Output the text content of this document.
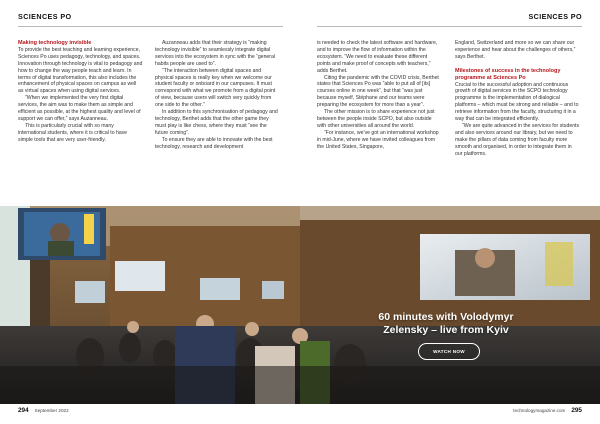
SCIENCES PO

Making technology invisible

To provide the best teaching and learning experience, Sciences Po uses pedagogy, technology, and spaces. Innovation through technology is vital to pedagogy and how to change the way people teach and learn. In terms of digital transformation, this also includes the enhancement of physical spaces on campus as well as virtual spaces when using digital services.

“When we implemented the very first digital services, the aim was to make them as simple and efficient as possible, at the highest quality and level of support we can offer,” says Auzanneau.

This is particularly crucial with so many international students, where it is critical to have simple tools that are very user-friendly.

Auzanneau adds that their strategy is “making technology invisible” to seamlessly integrate digital services into the ecosystem in sync with the “general habits people are used to”.

“The interaction between digital spaces and physical spaces is really key when we welcome our student faculty or onboard in our campuses. It must correspond with what we promote from a digital point of view, because users will switch very quickly from one side to the other.”

In addition to this synchronisation of pedagogy and technology, Berthet adds that the other game they must play is like chess, where they must “see the future coming”.

To ensure they are able to innovate with the best technology, research and development

294 September 2022
SCIENCES PO

is needed to check the latest software and hardware, and to improve the flow of information within the ecosystem. “We need to evaluate these different points and make proof of concepts with teachers,” adds Berthet.

Citing the pandemic with the COVID crisis, Berthet states that Sciences Po was “able to put all of [its] courses online in one week”, but that “was just because myself, Stéphane and our teams were preparing the ecosystem for more than a year”.

The other mission is to share experience not just between the people inside SCPO, but also outside with other universities all around the world.

“For instance, we’ve got an international workshop in mid-June, where we have invited colleagues from the United States, Singapore,

England, Switzerland and more so we can share our experience and hear about the challenges of others,” says Berthet.

Milestones of success in the technology programme at Sciences Po

Crucial to the successful adoption and continuous growth of digital services in the SCPO technology programme is the implementation of dialogical platforms – which must be strong and reliable – and to retrieve information from the faculty, structuring it in a way that can be integrated efficiently.

“We are quite advanced in the services for students and also services around our library, but we need to make the pillars of data coming from faculty more smooth and organised, in order to integrate them in our platforms.

technologymagazine.com 295
60 minutes with Volodymyr Zelensky – live from Kyiv
WATCH NOW
